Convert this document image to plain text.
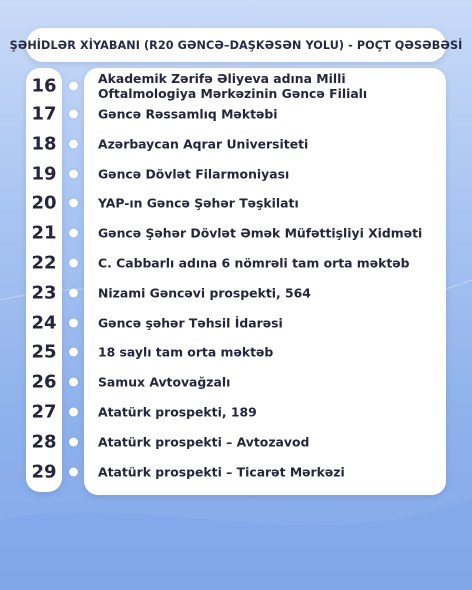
ŞƏHİDLƏR XİYABANI (R20 GƏNCƏ–DAŞKƏSƏN YOLU) - POÇT QƏSƏBƏSİ
16	Akademik Zərifə Əliyeva adına Milli Oftalmologiya Mərkəzinin Gəncə Filialı
17	Gəncə Rəssamlıq Məktəbi
18	Azərbaycan Aqrar Universiteti
19	Gəncə Dövlət Filarmoniyası
20	YAP-ın Gəncə Şəhər Təşkilatı
21	Gəncə Şəhər Dövlət Əmək Müfəttişliyi Xidməti
22	C. Cabbarlı adına 6 nömrəli tam orta məktəb
23	Nizami Gəncəvi prospekti, 564
24	Gəncə şəhər Təhsil İdarəsi
25	18 saylı tam orta məktəb
26	Samux Avtovağzalı
27	Atatürk prospekti, 189
28	Atatürk prospekti – Avtozavod
29	Atatürk prospekti – Ticarət Mərkəzi
